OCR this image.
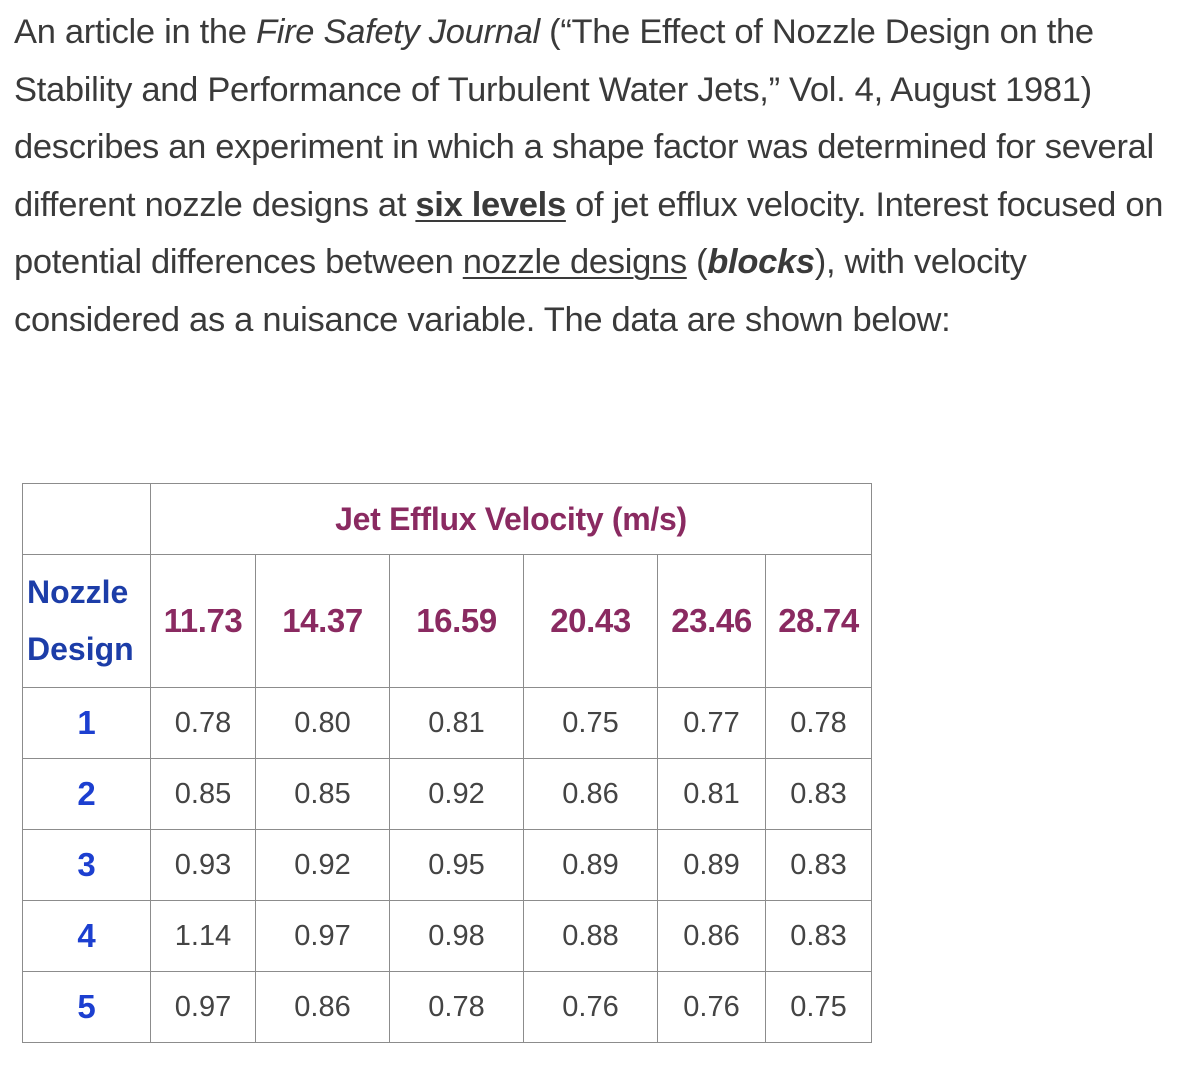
An article in the Fire Safety Journal (“The Effect of Nozzle Design on the Stability and Performance of Turbulent Water Jets,” Vol. 4, August 1981) describes an experiment in which a shape factor was determined for several different nozzle designs at six levels of jet efflux velocity. Interest focused on potential differences between nozzle designs (blocks), with velocity considered as a nuisance variable. The data are shown below:
	Jet Efflux Velocity (m/s)					
Nozzle
Design	11.73	14.37	16.59	20.43	23.46	28.74
1	0.78	0.80	0.81	0.75	0.77	0.78
2	0.85	0.85	0.92	0.86	0.81	0.83
3	0.93	0.92	0.95	0.89	0.89	0.83
4	1.14	0.97	0.98	0.88	0.86	0.83
5	0.97	0.86	0.78	0.76	0.76	0.75
